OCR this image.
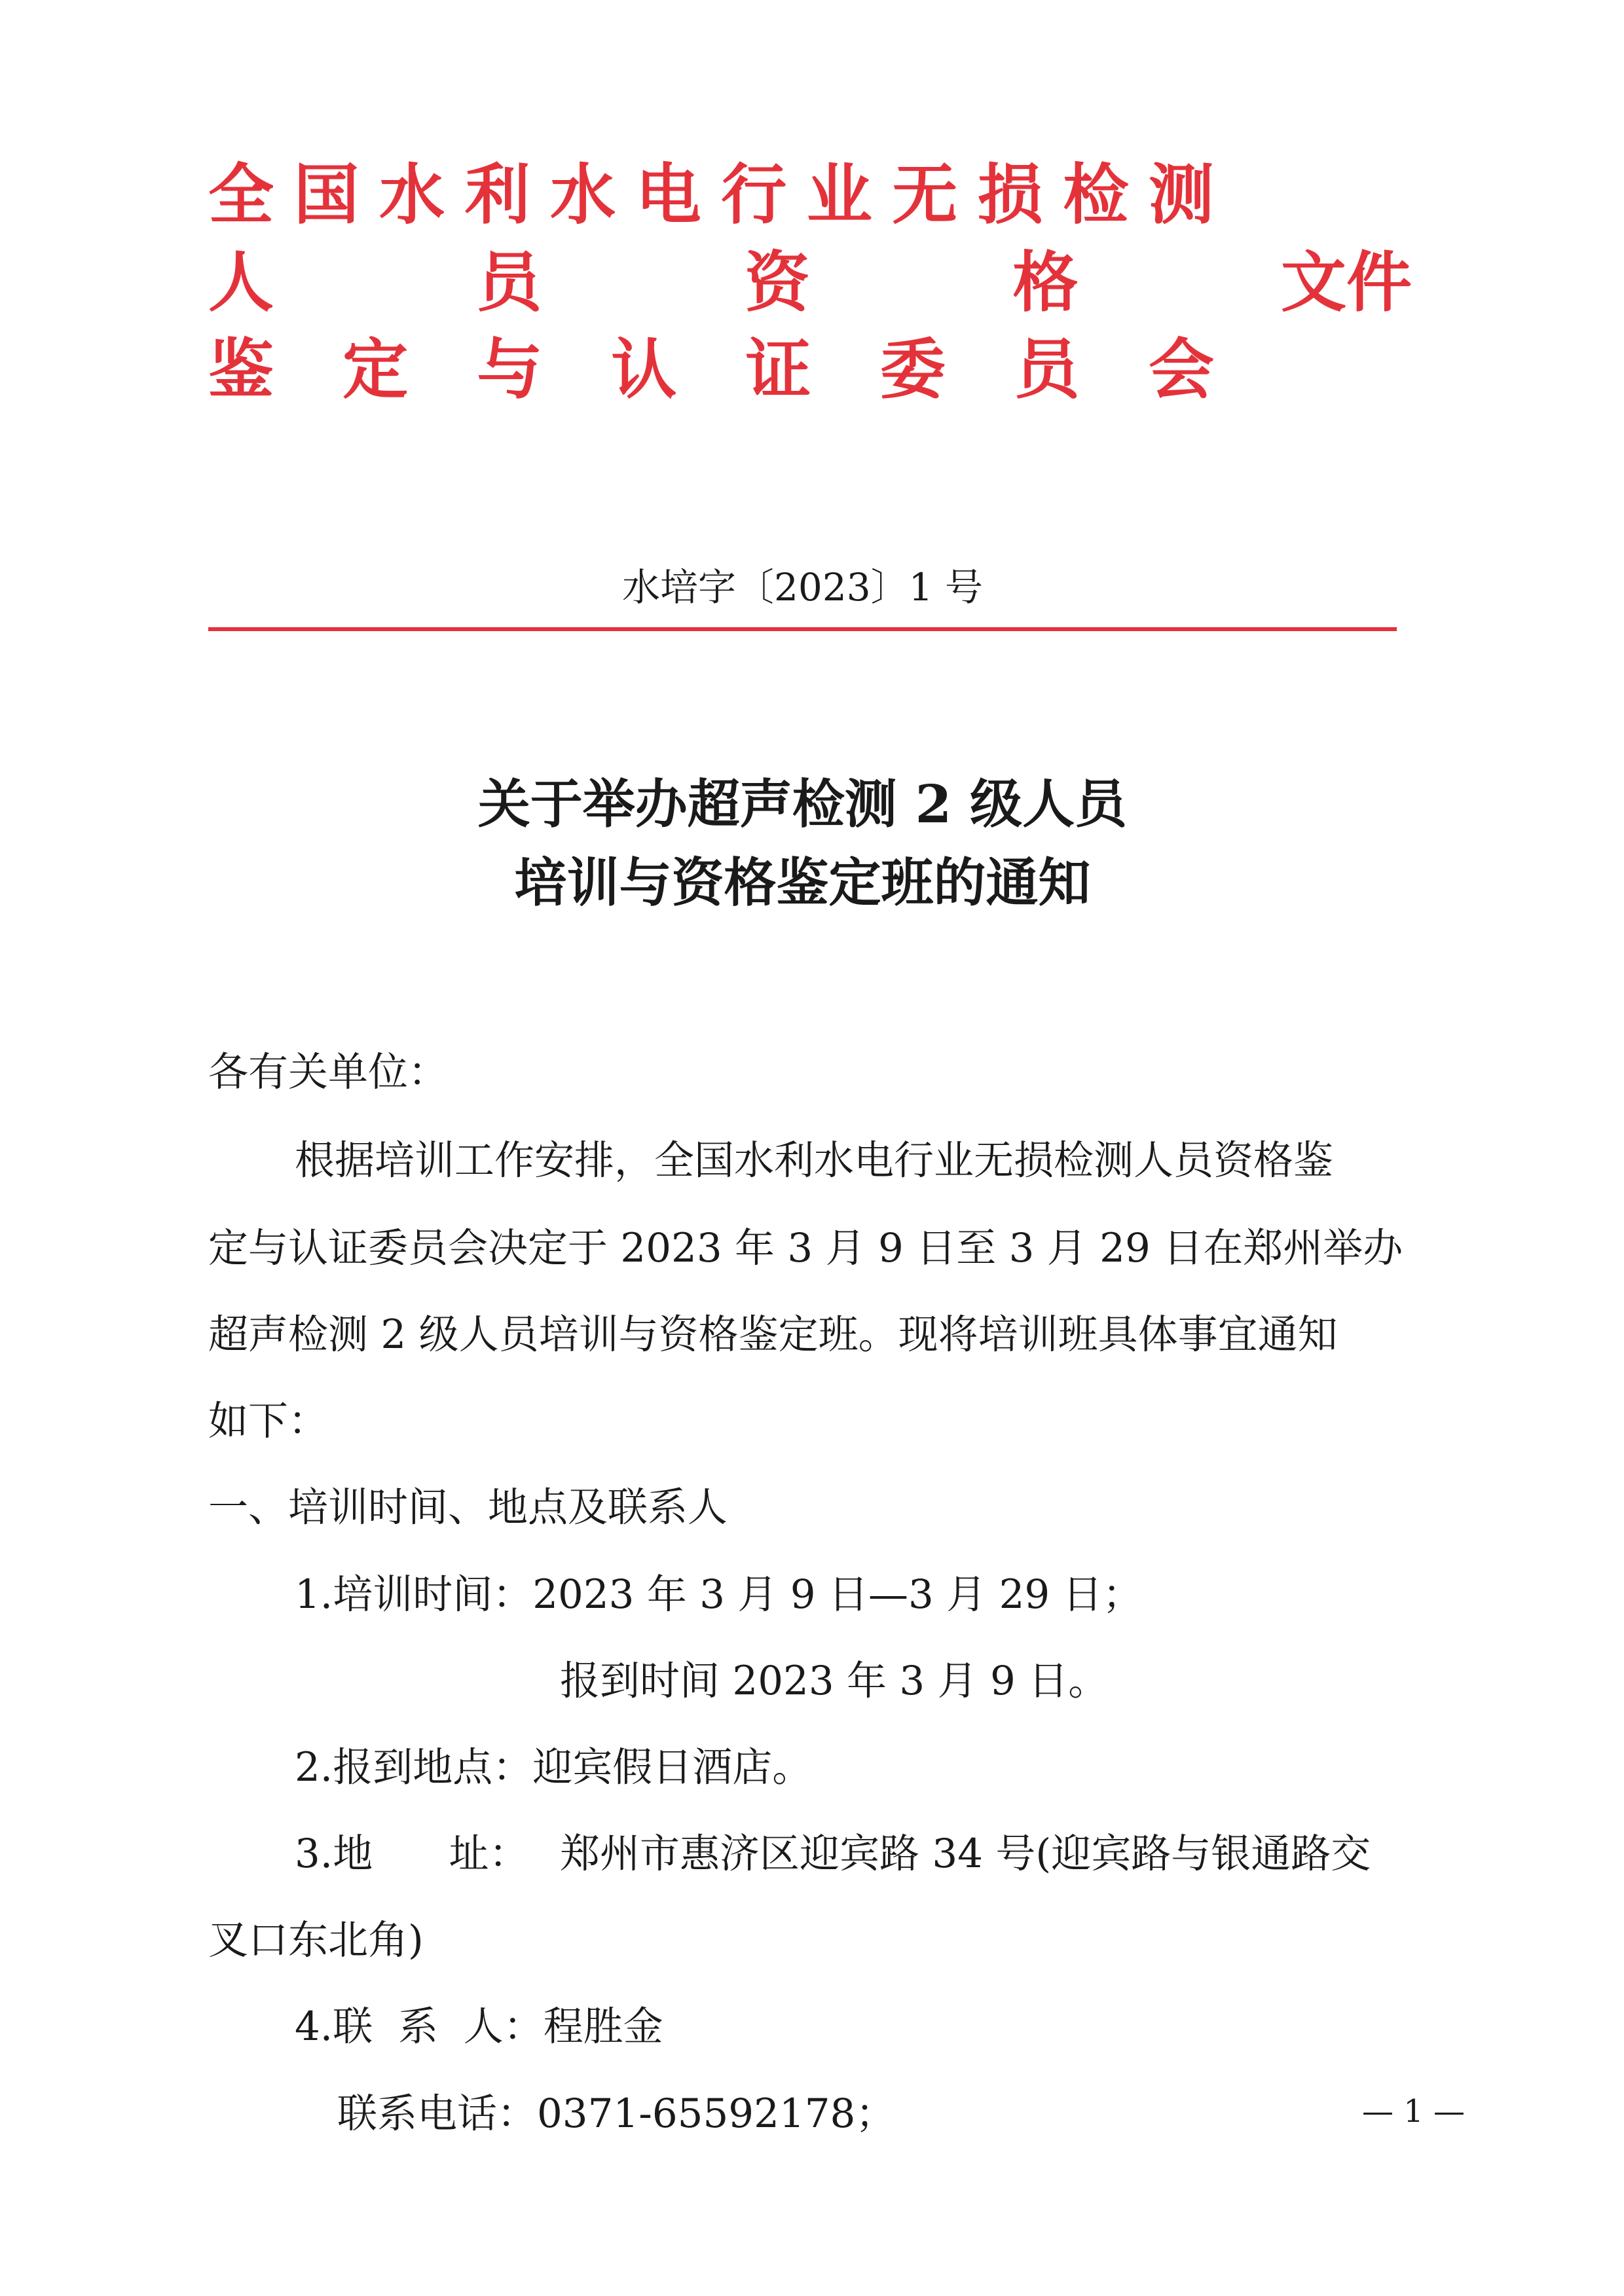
全 国 水 利 水 电 行 业 无 损 检 测
人	员	资	格	文件
鉴 定 与 认 证 委 员 会
水培字〔2023〕1 号
关于举办超声检测 2 级人员
培训与资格鉴定班的通知
各有关单位：
根据培训工作安排，全国水利水电行业无损检测人员资格鉴
定与认证委员会决定于 2023 年 3 月 9 日至 3 月 29 日在郑州举办
超声检测 2 级人员培训与资格鉴定班。现将培训班具体事宜通知
如下：
一、培训时间、地点及联系人
1.培训时间：2023 年 3 月 9 日—3 月 29 日；
报到时间 2023 年 3 月 9 日。
2.报到地点：迎宾假日酒店。
3.地      址： 郑州市惠济区迎宾路 34 号(迎宾路与银通路交
叉口东北角)
4.联  系  人：程胜金
联系电话：0371-65592178；	— 1 —
